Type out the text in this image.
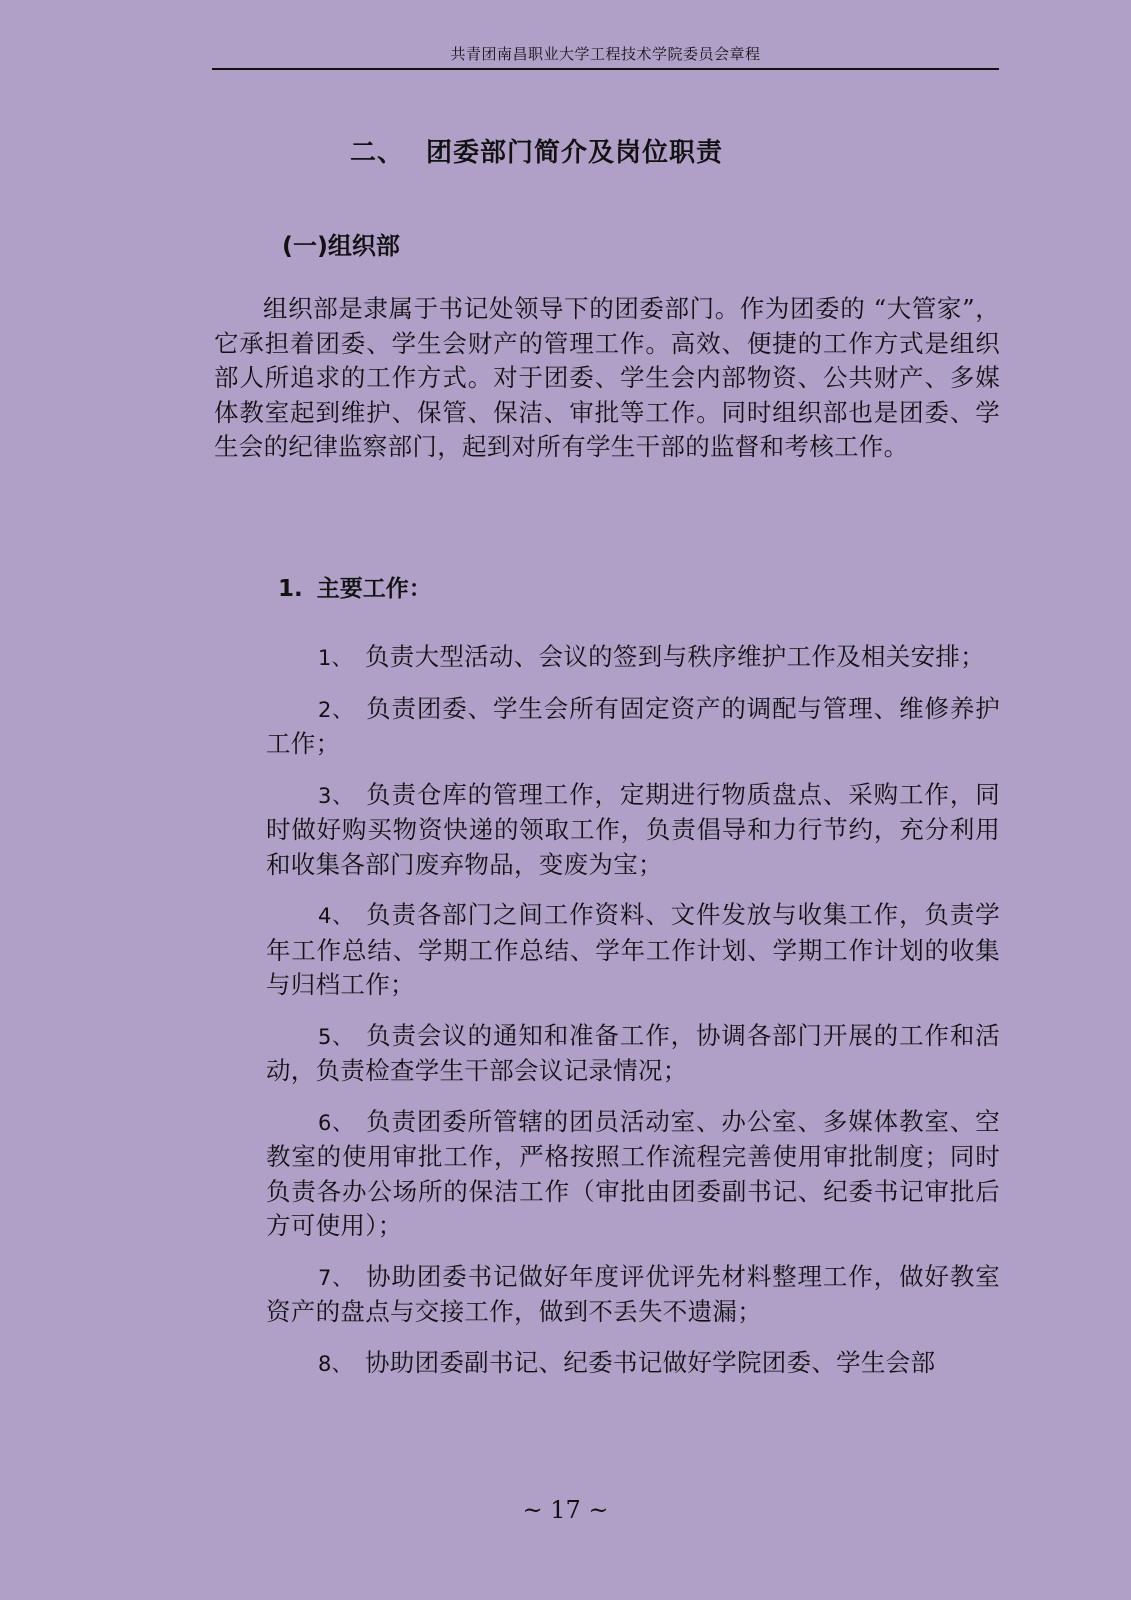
共青团南昌职业大学工程技术学院委员会章程
二、 团委部门简介及岗位职责
(一)组织部

组织部是隶属于书记处领导下的团委部门。作为团委的 “大管家”，它承担着团委、学生会财产的管理工作。高效、便捷的工作方式是组织部人所追求的工作方式。对于团委、学生会内部物资、公共财产、多媒体教室起到维护、保管、保洁、审批等工作。同时组织部也是团委、学生会的纪律监察部门，起到对所有学生干部的监督和考核工作。

1. 主要工作：
1、 负责大型活动、会议的签到与秩序维护工作及相关安排；
2、 负责团委、学生会所有固定资产的调配与管理、维修养护工作；
3、 负责仓库的管理工作，定期进行物质盘点、采购工作，同时做好购买物资快递的领取工作，负责倡导和力行节约，充分利用和收集各部门废弃物品，变废为宝；
4、 负责各部门之间工作资料、文件发放与收集工作，负责学年工作总结、学期工作总结、学年工作计划、学期工作计划的收集与归档工作；
5、 负责会议的通知和准备工作，协调各部门开展的工作和活动，负责检查学生干部会议记录情况；
6、 负责团委所管辖的团员活动室、办公室、多媒体教室、空教室的使用审批工作，严格按照工作流程完善使用审批制度；同时负责各办公场所的保洁工作（审批由团委副书记、纪委书记审批后方可使用）；
7、 协助团委书记做好年度评优评先材料整理工作，做好教室资产的盘点与交接工作，做到不丢失不遗漏；
8、 协助团委副书记、纪委书记做好学院团委、学生会部
~ 17 ~
